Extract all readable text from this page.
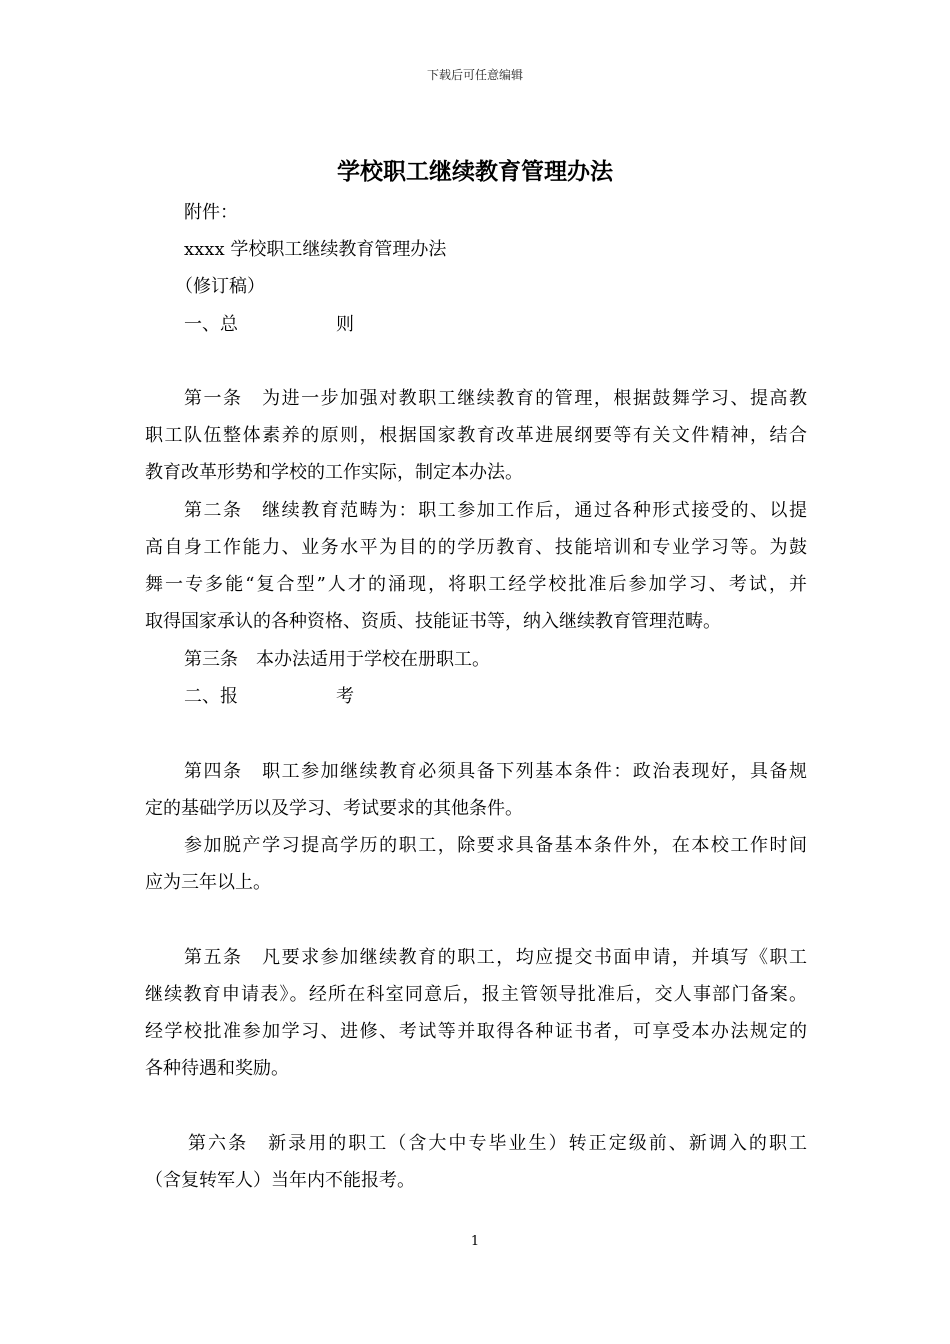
下载后可任意编辑
学校职工继续教育管理办法
附件：
xxxx 学校职工继续教育管理办法
（修订稿）
一、总	则
第一条　为进一步加强对教职工继续教育的管理，根据鼓舞学习、提高教
职工队伍整体素养的原则，根据国家教育改革进展纲要等有关文件精神，结合
教育改革形势和学校的工作实际，制定本办法。
第二条　继续教育范畴为：职工参加工作后，通过各种形式接受的、以提
高自身工作能力、业务水平为目的的学历教育、技能培训和专业学习等。为鼓
舞一专多能“复合型”人才的涌现，将职工经学校批准后参加学习、考试，并
取得国家承认的各种资格、资质、技能证书等，纳入继续教育管理范畴。
第三条　本办法适用于学校在册职工。
二、报	考
第四条　职工参加继续教育必须具备下列基本条件：政治表现好，具备规
定的基础学历以及学习、考试要求的其他条件。
参加脱产学习提高学历的职工，除要求具备基本条件外，在本校工作时间
应为三年以上。
第五条　凡要求参加继续教育的职工，均应提交书面申请，并填写《职工
继续教育申请表》。经所在科室同意后，报主管领导批准后，交人事部门备案。
经学校批准参加学习、进修、考试等并取得各种证书者，可享受本办法规定的
各种待遇和奖励。
第六条　新录用的职工（含大中专毕业生）转正定级前、新调入的职工
（含复转军人）当年内不能报考。
1
